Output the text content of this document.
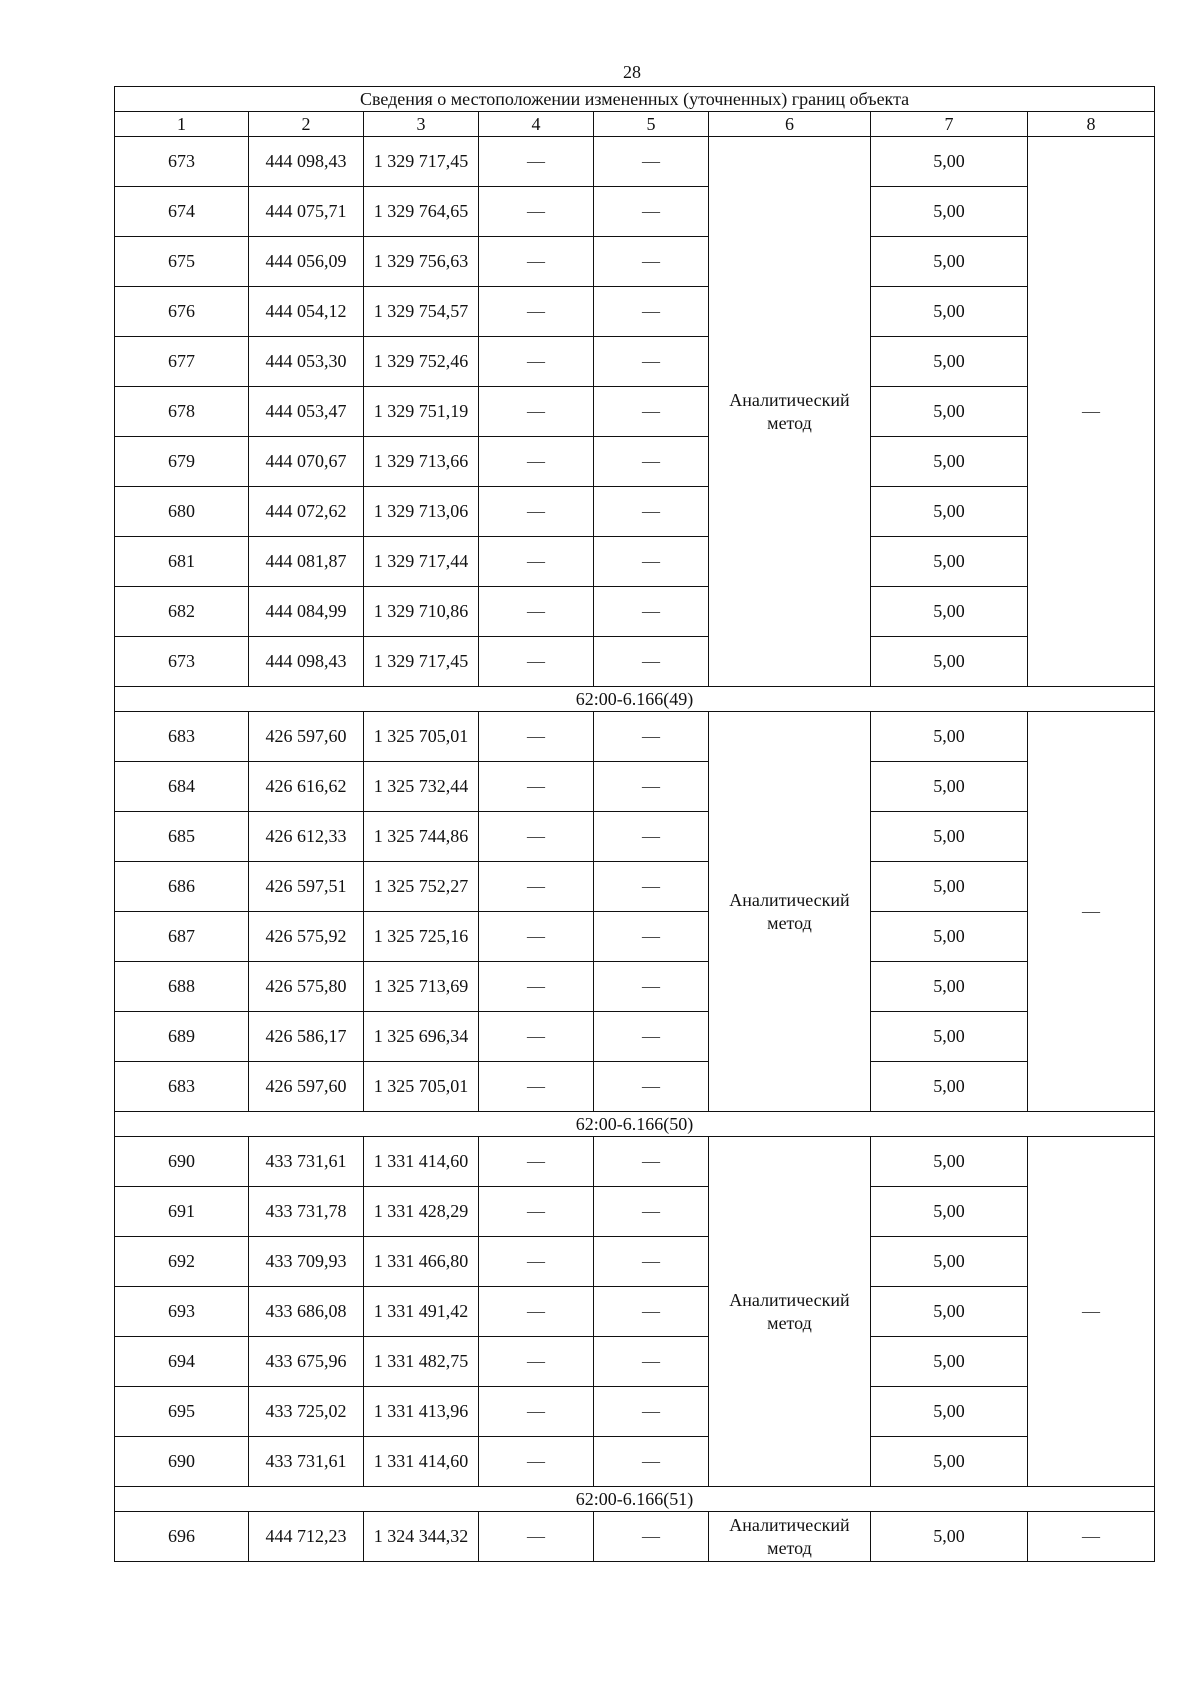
28
Сведения о местоположении измененных (уточненных) границ объекта							
1	2	3	4	5	6	7	8
673	444 098,43	1 329 717,45	—	—	Аналитический
метод	5,00	—
674	444 075,71	1 329 764,65	—	—		5,00	
675	444 056,09	1 329 756,63	—	—		5,00	
676	444 054,12	1 329 754,57	—	—		5,00	
677	444 053,30	1 329 752,46	—	—		5,00	
678	444 053,47	1 329 751,19	—	—		5,00	
679	444 070,67	1 329 713,66	—	—		5,00	
680	444 072,62	1 329 713,06	—	—		5,00	
681	444 081,87	1 329 717,44	—	—		5,00	
682	444 084,99	1 329 710,86	—	—		5,00	
673	444 098,43	1 329 717,45	—	—		5,00	
62:00-6.166(49)							
683	426 597,60	1 325 705,01	—	—	Аналитический
метод	5,00	—
684	426 616,62	1 325 732,44	—	—		5,00	
685	426 612,33	1 325 744,86	—	—		5,00	
686	426 597,51	1 325 752,27	—	—		5,00	
687	426 575,92	1 325 725,16	—	—		5,00	
688	426 575,80	1 325 713,69	—	—		5,00	
689	426 586,17	1 325 696,34	—	—		5,00	
683	426 597,60	1 325 705,01	—	—		5,00	
62:00-6.166(50)							
690	433 731,61	1 331 414,60	—	—	Аналитический
метод	5,00	—
691	433 731,78	1 331 428,29	—	—		5,00	
692	433 709,93	1 331 466,80	—	—		5,00	
693	433 686,08	1 331 491,42	—	—		5,00	
694	433 675,96	1 331 482,75	—	—		5,00	
695	433 725,02	1 331 413,96	—	—		5,00	
690	433 731,61	1 331 414,60	—	—		5,00	
62:00-6.166(51)							
696	444 712,23	1 324 344,32	—	—	Аналитический
метод	5,00	—
